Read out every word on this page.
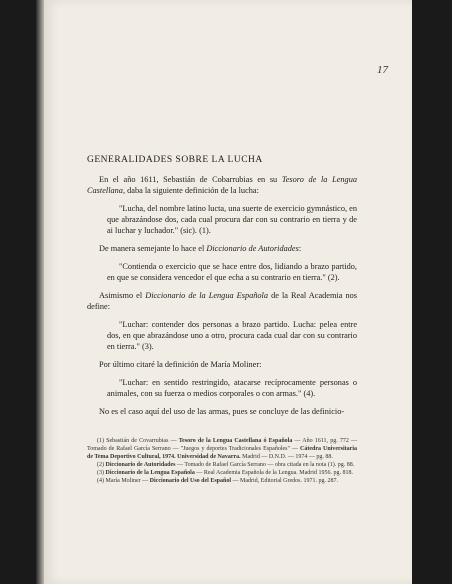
17
GENERALIDADES SOBRE LA LUCHA

En el año 1611, Sebastián de Cobarrubias en su Tesoro de la Lengua Castellana, daba la siguiente definición de la lucha:

"Lucha, del nombre latino lucta, una suerte de exercicio gymnástico, en que abrazándose dos, cada cual procura dar con su contrario en tierra y de ai luchar y luchador." (sic). (1).

De manera semejante lo hace el Diccionario de Autoridades:

"Contienda o exercicio que se hace entre dos, lidiando a brazo partido, en que se considera vencedor el que echa a su contrario en tierra." (2).

Asimismo el Diccionario de la Lengua Española de la Real Academia nos define:

"Luchar: contender dos personas a brazo partido. Lucha: pelea entre dos, en que abrazándose uno a otro, procura cada cual dar con su contrario en tierra." (3).

Por último citaré la definición de María Moliner:

"Luchar: en sentido restringido, atacarse recíprocamente personas o animales, con su fuerza o medios corporales o con armas." (4).

No es el caso aquí del uso de las armas, pues se concluye de las definicio-

(1) Sebastián de Covarrubias — Tesoro de la Lengua Castellana ó Española — Año 1611, pg. 772 — Tomado de Rafael García Serrano — "Juegos y deportes Tradicionales Españoles" — Cátedra Universitaria de Tema Deportivo Cultural, 1974. Universidad de Navarra. Madrid — D.N.D. — 1974 — pg. 88.

(2) Diccionario de Autoridades — Tomado de Rafael García Serrano — obra citada en la nota (1). pg. 88.

(3) Diccionario de la Lengua Española — Real Academia Española de la Lengua. Madrid 1956. pg. 818.

(4) María Moliner — Diccionario del Uso del Español — Madrid, Editorial Gredos. 1971. pg. 287.
